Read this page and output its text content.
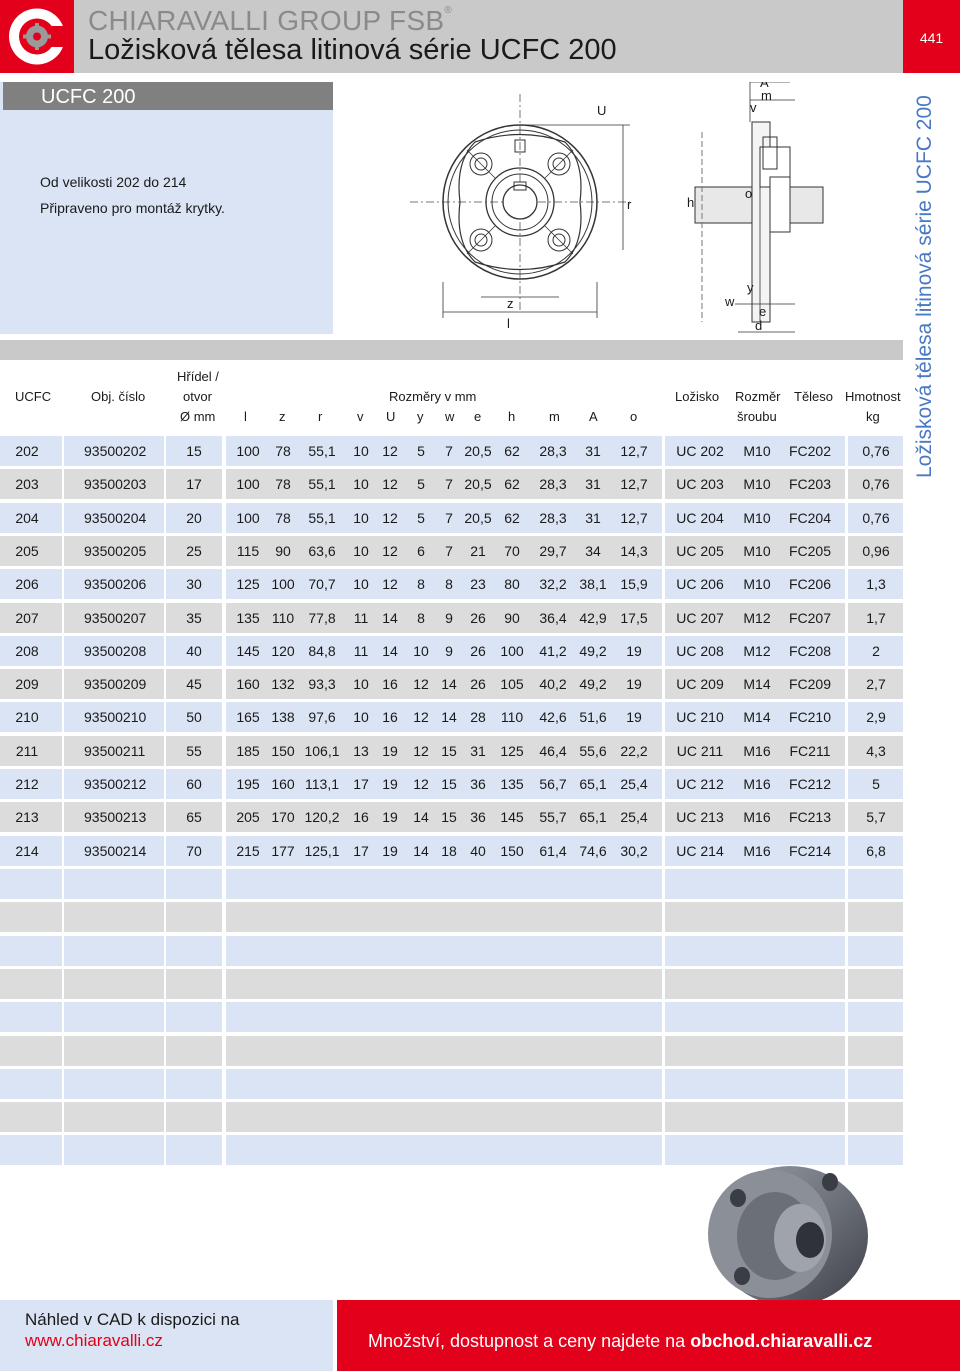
CHIARAVALLI GROUP FSB®
Ložisková tělesa litinová série UCFC 200	441
Ložisková tělesa litinová série UCFC 200
UCFC 200
Od velikosti 202 do 214
Připraveno pro montáž krytky.
U
r
z
l
h
A
m
v
o
y
w
e
d
UCFC	Obj. číslo
Hřídel /
otvor
Ø mm
Rozměry v mm
l z	r	v U y w e h	m A o
Ložisko Rozměr
šroubu
Těleso Hmotnost
kg
202	93500202	15	100	78	55,1	10 12	5	7 20,5 62	28,3	31	12,7	UC 202	M10	FC202	0,76
203	93500203	17	100	78	55,1	10 12	5	7 20,5 62	28,3	31	12,7	UC 203	M10	FC203	0,76
204	93500204	20	100	78	55,1	10 12	5	7 20,5 62	28,3	31	12,7	UC 204	M10	FC204	0,76
205	93500205	25	115	90	63,6	10 12	6	7	21	70	29,7	34	14,3	UC 205	M10	FC205	0,96
206	93500206	30	125 100 70,7	10 12	8	8	23	80	32,2 38,1 15,9	UC 206	M10	FC206	1,3
207	93500207	35	135 110	77,8	11 14	8	9	26	90	36,4 42,9 17,5	UC 207	M12	FC207	1,7
208	93500208	40	145 120 84,8	11 14	10	9	26	100	41,2 49,2	19	UC 208	M12	FC208	2
209	93500209	45	160 132 93,3	10 16	12 14 26	105	40,2 49,2	19	UC 209	M14	FC209	2,7
210	93500210	50	165 138 97,6	10 16	12 14 28	110	42,6 51,6	19	UC 210	M14	FC210	2,9
211	93500211	55	185 150 106,1 13 19	12 15 31	125	46,4 55,6 22,2	UC 211	M16	FC211	4,3
212	93500212	60	195 160 113,1	17 19	12 15 36	135	56,7 65,1 25,4	UC 212	M16	FC212	5
213	93500213	65	205 170 120,2 16 19	14 15 36	145	55,7 65,1 25,4	UC 213	M16	FC213	5,7
214	93500214	70	215 177 125,1 17 19	14 18 40	150	61,4 74,6 30,2	UC 214	M16	FC214	6,8
Náhled v CAD k dispozici na
www.chiaravalli.cz	Množství, dostupnost a ceny najdete na obchod.chiaravalli.cz
